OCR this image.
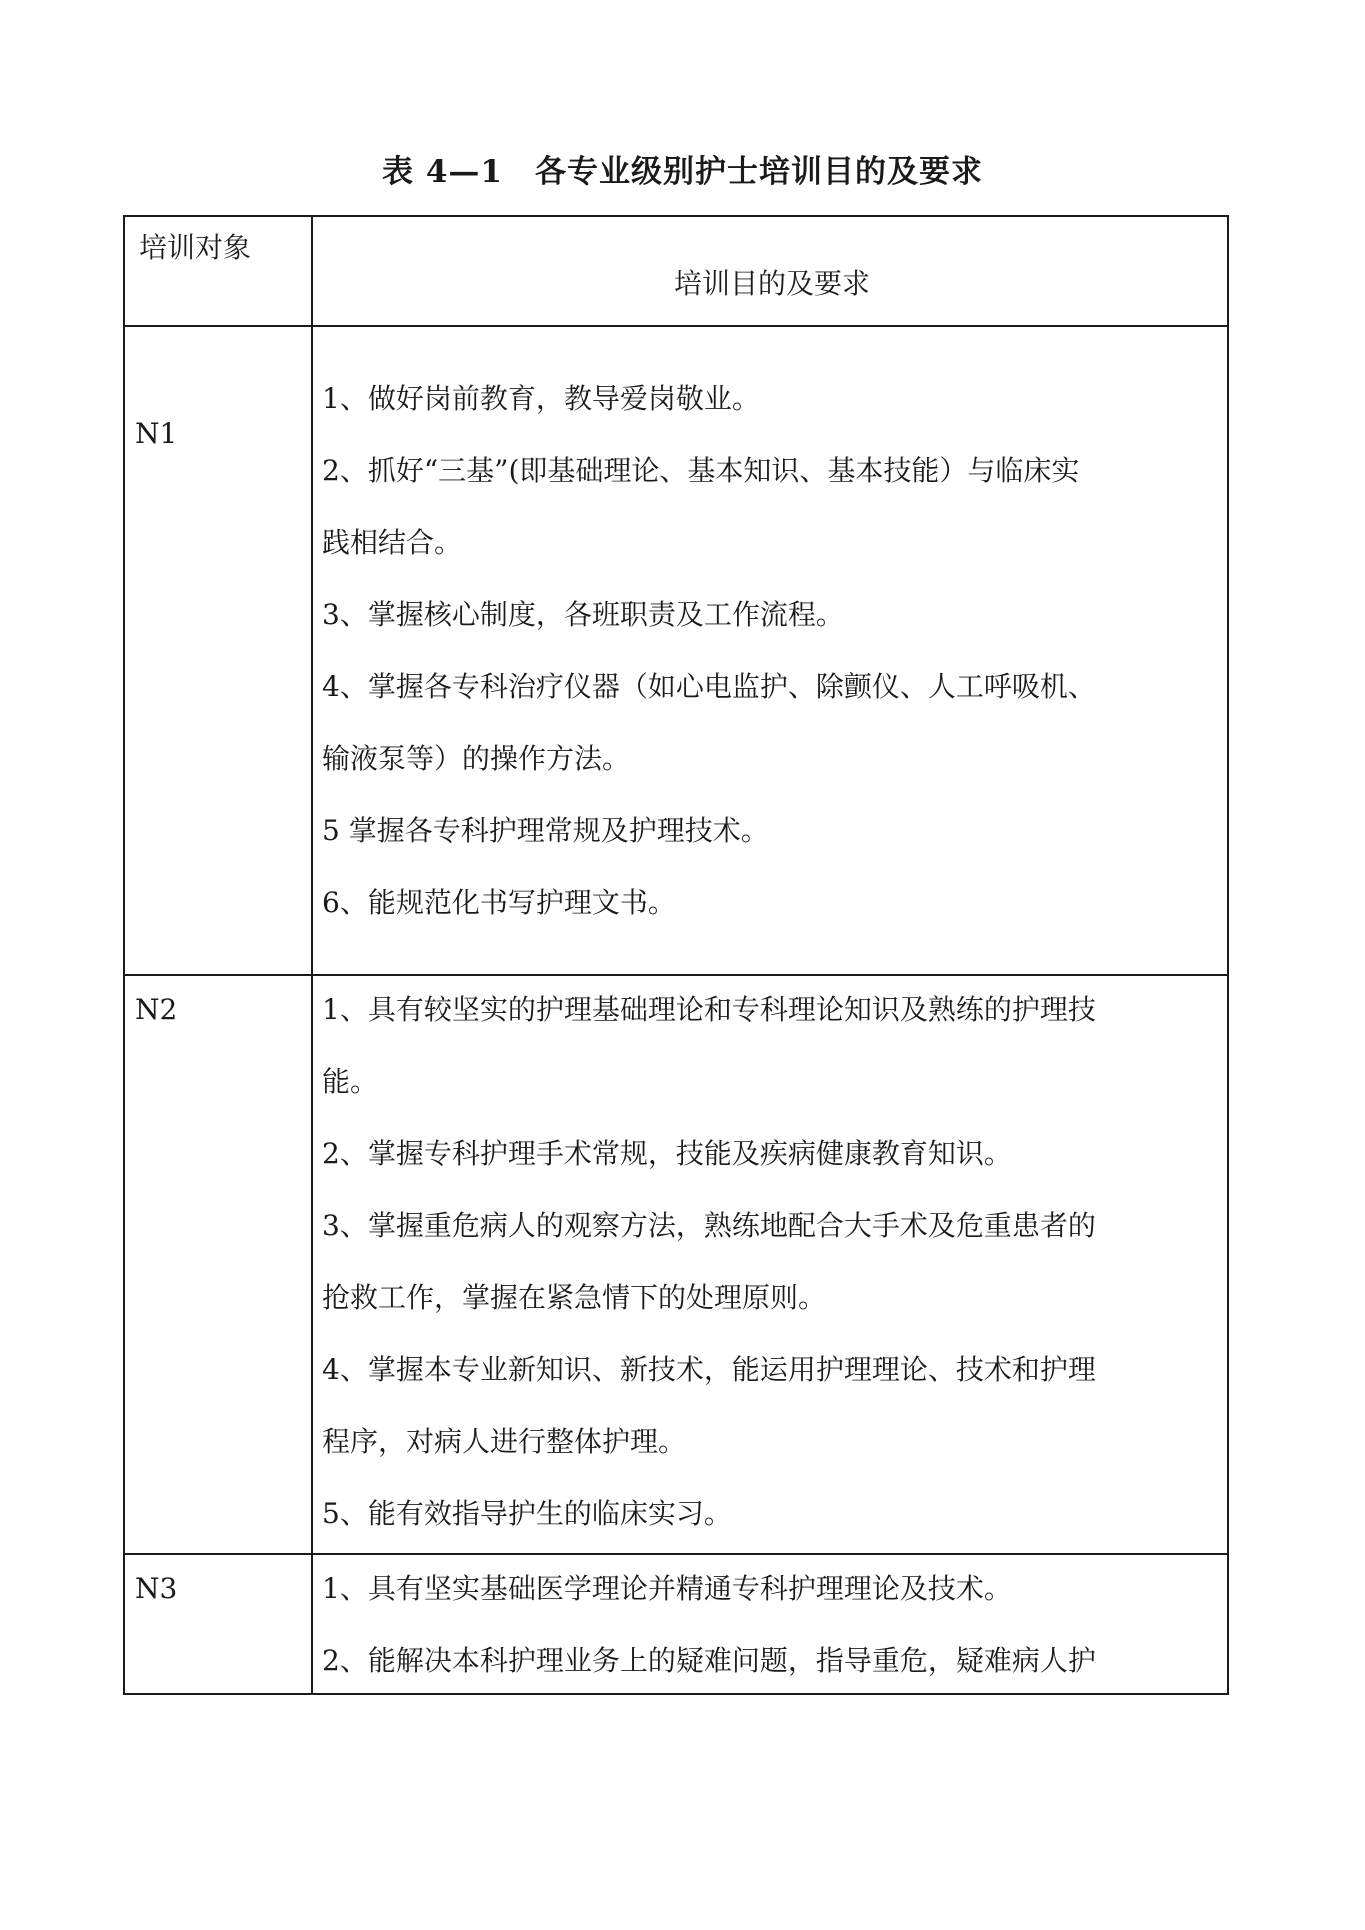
表 4—1　各专业级别护士培训目的及要求
培训对象
培训目的及要求
N1

1、做好岗前教育，教导爱岗敬业。

2、抓好“三基”(即基础理论、基本知识、基本技能）与临床实

践相结合。

3、掌握核心制度，各班职责及工作流程。

4、掌握各专科治疗仪器（如心电监护、除颤仪、人工呼吸机、

输液泵等）的操作方法。

5 掌握各专科护理常规及护理技术。

6、能规范化书写护理文书。

N2	1、具有较坚实的护理基础理论和专科理论知识及熟练的护理技

能。

2、掌握专科护理手术常规，技能及疾病健康教育知识。

3、掌握重危病人的观察方法，熟练地配合大手术及危重患者的

抢救工作，掌握在紧急情下的处理原则。

4、掌握本专业新知识、新技术，能运用护理理论、技术和护理

程序，对病人进行整体护理。

5、能有效指导护生的临床实习。

N3	1、具有坚实基础医学理论并精通专科护理理论及技术。

2、能解决本科护理业务上的疑难问题，指导重危，疑难病人护
